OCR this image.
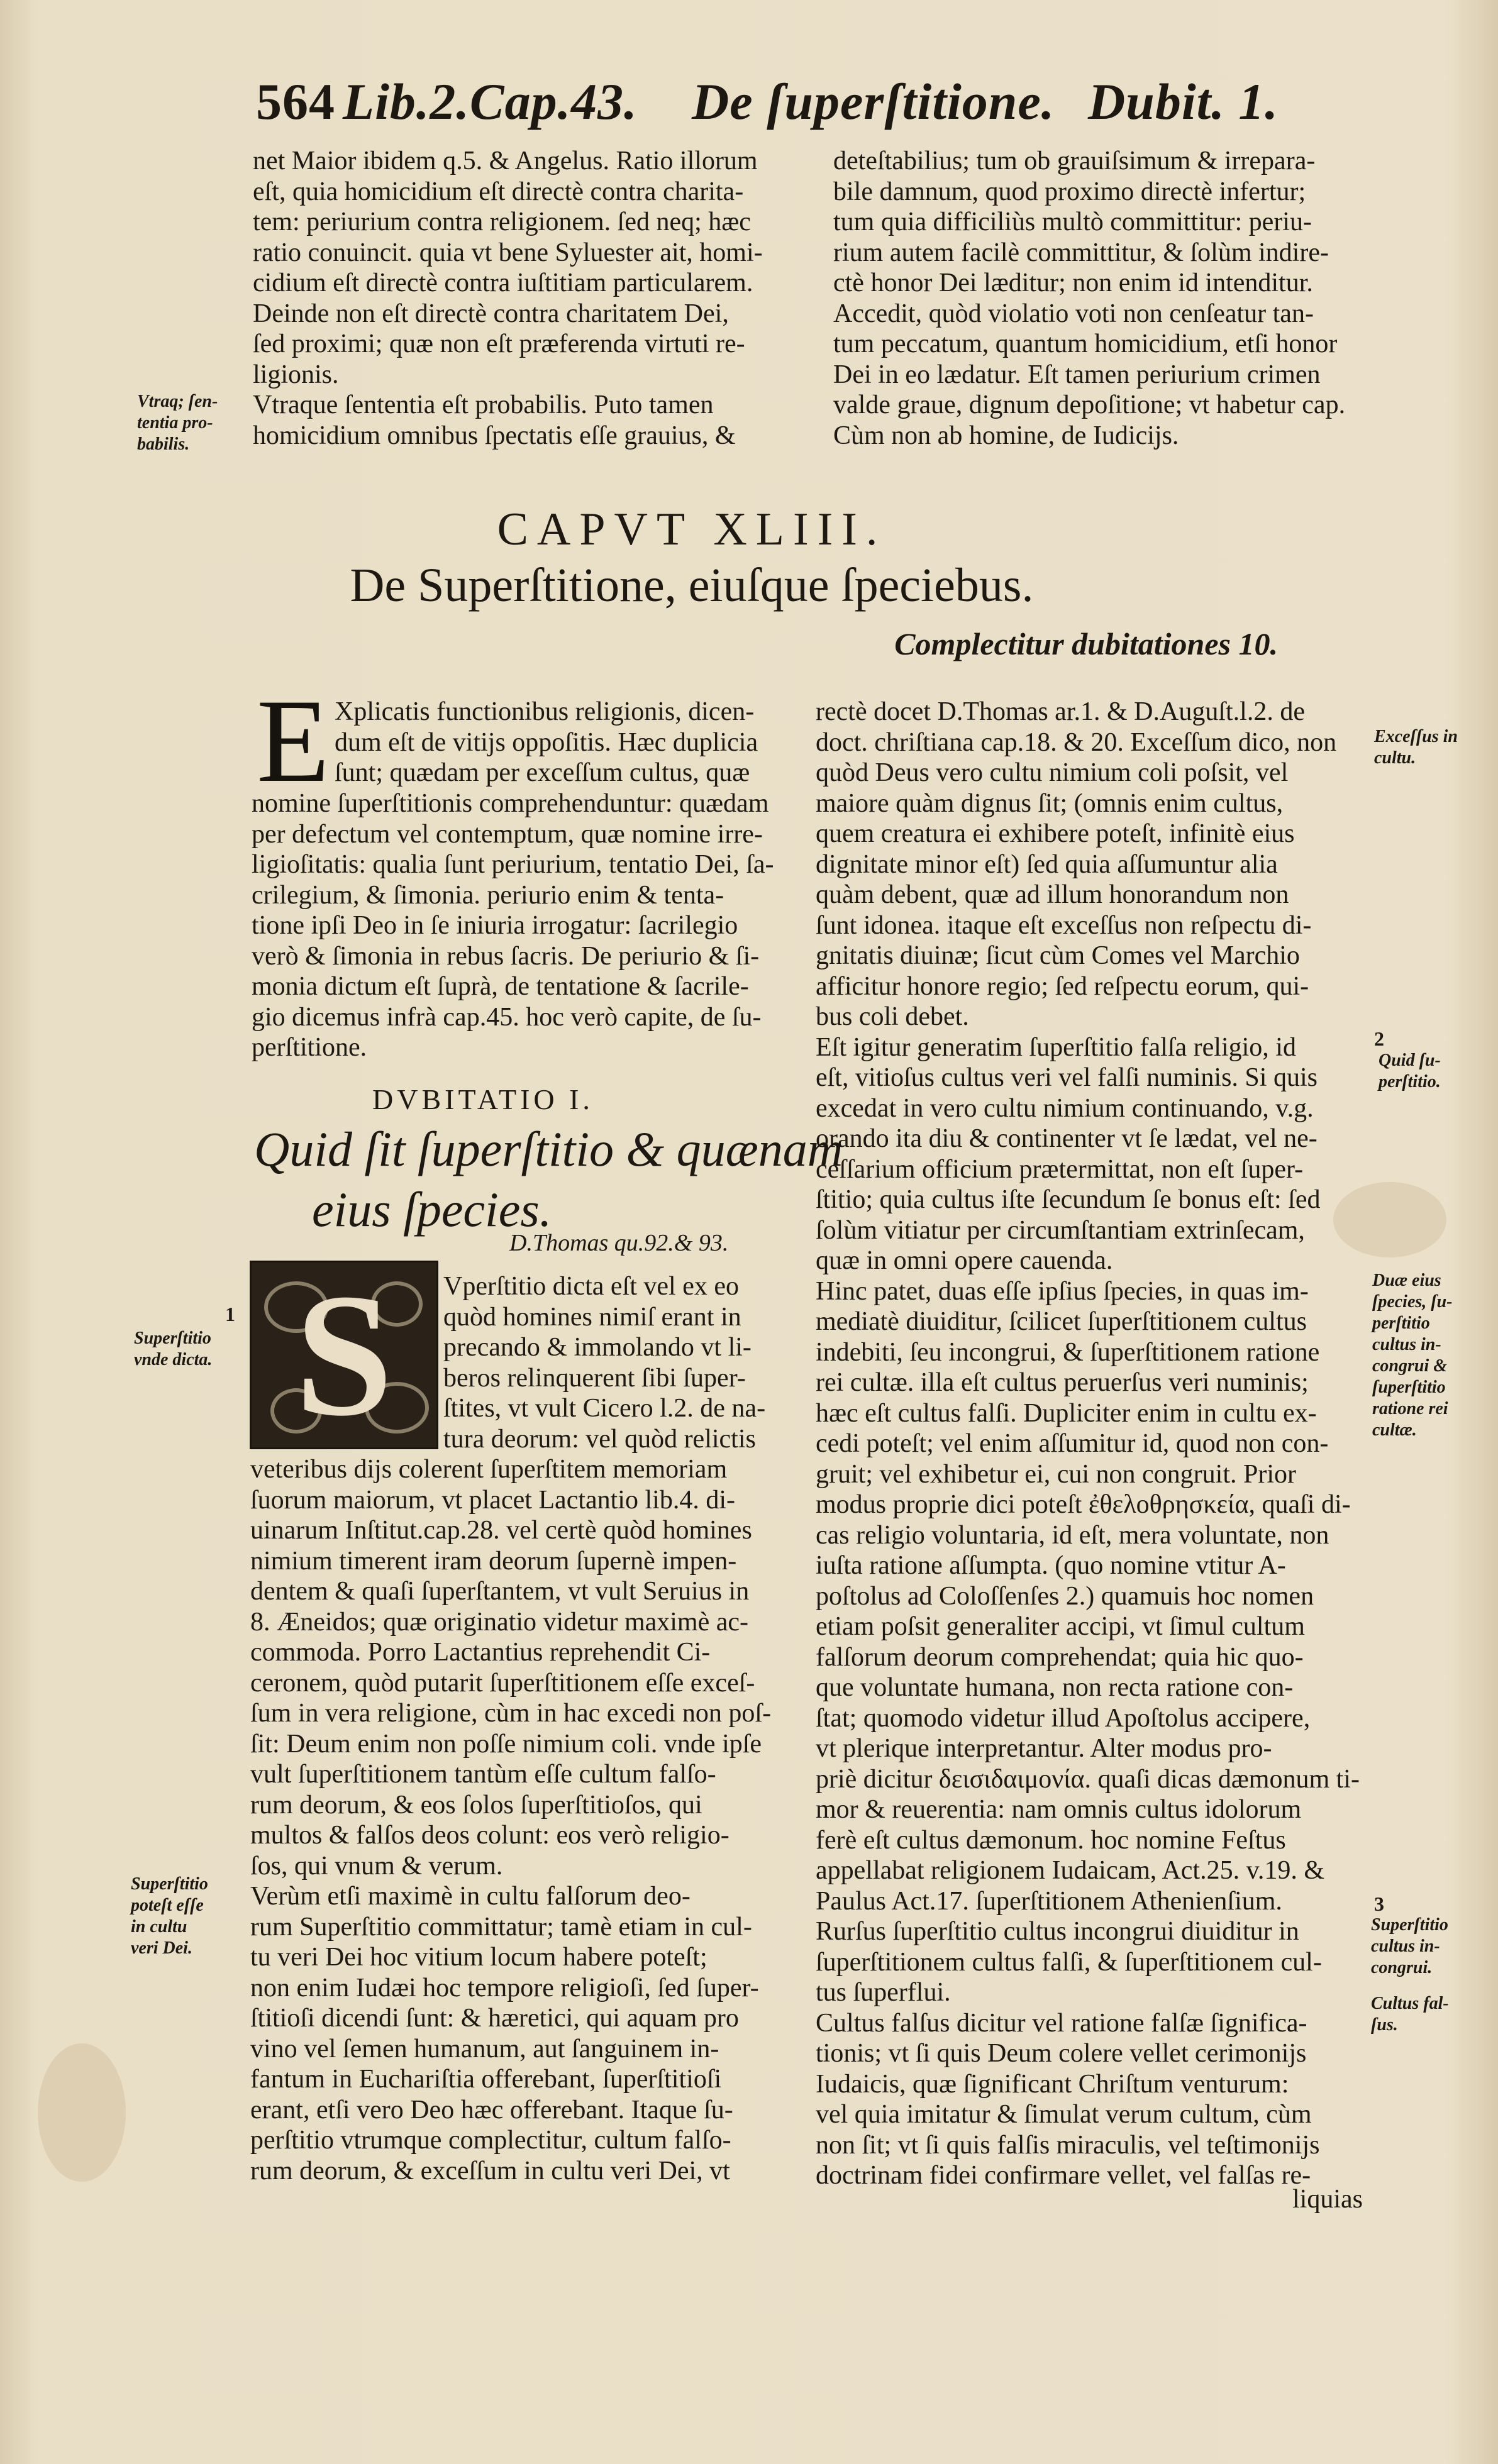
564 Lib.2.Cap.43. De ſuperſtitione. Dubit. 1.
net Maior ibidem q.5. & Angelus. Ratio illorum
eſt, quia homicidium eſt directè contra charita-
tem: periurium contra religionem. ſed neq; hæc
ratio conuincit. quia vt bene Syluester ait, homi-
cidium eſt directè contra iuſtitiam particularem.
Deinde non eſt directè contra charitatem Dei,
ſed proximi; quæ non eſt præferenda virtuti re-
ligionis.
Vtraque ſententia eſt probabilis. Puto tamen
homicidium omnibus ſpectatis eſſe grauius, &
deteſtabilius; tum ob grauiſsimum & irrepara-
bile damnum, quod proximo directè infertur;
tum quia difficiliùs multò committitur: periu-
rium autem facilè committitur, & ſolùm indire-
ctè honor Dei læditur; non enim id intenditur.
Accedit, quòd violatio voti non cenſeatur tan-
tum peccatum, quantum homicidium, etſi honor
Dei in eo lædatur. Eſt tamen periurium crimen
valde graue, dignum depoſitione; vt habetur cap.
Cùm non ab homine, de Iudicijs.
Vtraq; ſen-
tentia pro-
babilis.
CAPVT XLIII.
De Superſtitione, eiuſque ſpeciebus.
Complectitur dubitationes 10.
E Xplicatis functionibus religionis, dicen-
dum eſt de vitijs oppoſitis. Hæc duplicia
ſunt; quædam per exceſſum cultus, quæ
nomine ſuperſtitionis comprehenduntur: quædam
per defectum vel contemptum, quæ nomine irre-
ligioſitatis: qualia ſunt periurium, tentatio Dei, ſa-
crilegium, & ſimonia. periurio enim & tenta-
tione ipſi Deo in ſe iniuria irrogatur: ſacrilegio
verò & ſimonia in rebus ſacris. De periurio & ſi-
monia dictum eſt ſuprà, de tentatione & ſacrile-
gio dicemus infrà cap.45. hoc verò capite, de ſu-
perſtitione.
DVBITATIO I.
Quid ſit ſuperſtitio & quænam
eius ſpecies.
D.Thomas qu.92.& 93.
S	Vperſtitio dicta eſt vel ex eo
quòd homines nimiſ erant in
precando & immolando vt li-
beros relinquerent ſibi ſuper-
ſtites, vt vult Cicero l.2. de na-
tura deorum: vel quòd relictis
veteribus dijs colerent ſuperſtitem memoriam
ſuorum maiorum, vt placet Lactantio lib.4. di-
uinarum Inſtitut.cap.28. vel certè quòd homines
nimium timerent iram deorum ſupernè impen-
dentem & quaſi ſuperſtantem, vt vult Seruius in
8. Æneidos; quæ originatio videtur maximè ac-
commoda. Porro Lactantius reprehendit Ci-
ceronem, quòd putarit ſuperſtitionem eſſe exceſ-
ſum in vera religione, cùm in hac excedi non poſ-
ſit: Deum enim non poſſe nimium coli. vnde ipſe
vult ſuperſtitionem tantùm eſſe cultum falſo-
rum deorum, & eos ſolos ſuperſtitioſos, qui
multos & falſos deos colunt: eos verò religio-
ſos, qui vnum & verum.
Verùm etſi maximè in cultu falſorum deo-
rum Superſtitio committatur; tamè etiam in cul-
tu veri Dei hoc vitium locum habere poteſt;
non enim Iudæi hoc tempore religioſi, ſed ſuper-
ſtitioſi dicendi ſunt: & hæretici, qui aquam pro
vino vel ſemen humanum, aut ſanguinem in-
fantum in Euchariſtia offerebant, ſuperſtitioſi
erant, etſi vero Deo hæc offerebant. Itaque ſu-
perſtitio vtrumque complectitur, cultum falſo-
rum deorum, & exceſſum in cultu veri Dei, vt
rectè docet D.Thomas ar.1. & D.Auguſt.l.2. de
doct. chriſtiana cap.18. & 20. Exceſſum dico, non
quòd Deus vero cultu nimium coli poſsit, vel
maiore quàm dignus ſit; (omnis enim cultus,
quem creatura ei exhibere poteſt, infinitè eius
dignitate minor eſt) ſed quia aſſumuntur alia
quàm debent, quæ ad illum honorandum non
ſunt idonea. itaque eſt exceſſus non reſpectu di-
gnitatis diuinæ; ſicut cùm Comes vel Marchio
afficitur honore regio; ſed reſpectu eorum, qui-
bus coli debet.
Eſt igitur generatim ſuperſtitio falſa religio, id
eſt, vitioſus cultus veri vel falſi numinis. Si quis
excedat in vero cultu nimium continuando, v.g.
orando ita diu & continenter vt ſe lædat, vel ne-
ceſſarium officium prætermittat, non eſt ſuper-
ſtitio; quia cultus iſte ſecundum ſe bonus eſt: ſed
ſolùm vitiatur per circumſtantiam extrinſecam,
quæ in omni opere cauenda.
Hinc patet, duas eſſe ipſius ſpecies, in quas im-
mediatè diuiditur, ſcilicet ſuperſtitionem cultus
indebiti, ſeu incongrui, & ſuperſtitionem ratione
rei cultæ. illa eſt cultus peruerſus veri numinis;
hæc eſt cultus falſi. Dupliciter enim in cultu ex-
cedi poteſt; vel enim aſſumitur id, quod non con-
gruit; vel exhibetur ei, cui non congruit. Prior
modus proprie dici poteſt ἐθελοθρησκεία, quaſi di-
cas religio voluntaria, id eſt, mera voluntate, non
iuſta ratione aſſumpta. (quo nomine vtitur A-
poſtolus ad Coloſſenſes 2.) quamuis hoc nomen
etiam poſsit generaliter accipi, vt ſimul cultum
falſorum deorum comprehendat; quia hic quo-
que voluntate humana, non recta ratione con-
ſtat; quomodo videtur illud Apoſtolus accipere,
vt plerique interpretantur. Alter modus pro-
priè dicitur δεισιδαιμονία. quaſi dicas dæmonum ti-
mor & reuerentia: nam omnis cultus idolorum
ferè eſt cultus dæmonum. hoc nomine Feſtus
appellabat religionem Iudaicam, Act.25. v.19. &
Paulus Act.17. ſuperſtitionem Athenienſium.
Rurſus ſuperſtitio cultus incongrui diuiditur in
ſuperſtitionem cultus falſi, & ſuperſtitionem cul-
tus ſuperflui.
Cultus falſus dicitur vel ratione falſæ ſignifica-
tionis; vt ſi quis Deum colere vellet cerimonijs
Iudaicis, quæ ſignificant Chriſtum venturum:
vel quia imitatur & ſimulat verum cultum, cùm
non ſit; vt ſi quis falſis miraculis, vel teſtimonijs
doctrinam fidei confirmare vellet, vel falſas re-
1
Superſtitio
vnde dicta.
Superſtitio
poteſt eſſe
in cultu
veri Dei.
Exceſſus in
cultu.
2
Quid ſu-
perſtitio.
Duæ eius
ſpecies, ſu-
perſtitio
cultus in-
congrui &
ſuperſtitio
ratione rei
cultæ.
3
Superſtitio
cultus in-
congrui.
Cultus fal-
ſus.
liquias
